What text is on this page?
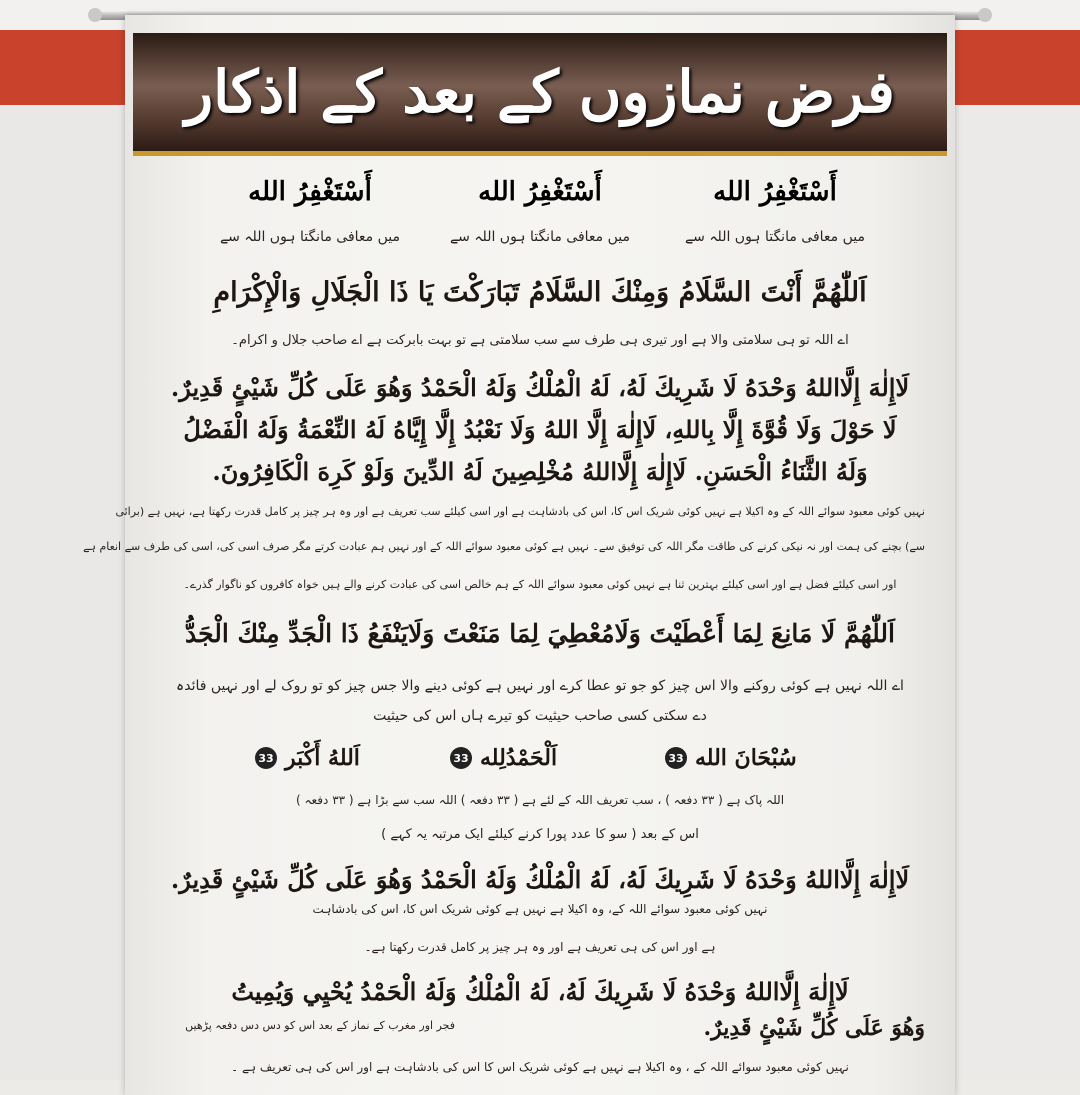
فرض نمازوں کے بعد کے اذکار
أَسْتَغْفِرُ الله
میں معافی مانگتا ہوں اللہ سے
أَسْتَغْفِرُ الله
میں معافی مانگتا ہوں اللہ سے
أَسْتَغْفِرُ الله
میں معافی مانگتا ہوں اللہ سے
اَللّٰهُمَّ أَنْتَ السَّلَامُ وَمِنْكَ السَّلَامُ تَبَارَكْتَ يَا ذَا الْجَلَالِ وَالْإِكْرَامِ
اے اللہ تو ہی سلامتی والا ہے اور تیری ہی طرف سے سب سلامتی ہے تو بہت بابرکت ہے اے صاحب جلال و اکرام۔
لَاإِلٰهَ إِلَّااللهُ وَحْدَهُ لَا شَرِيكَ لَهُ، لَهُ الْمُلْكُ وَلَهُ الْحَمْدُ وَهُوَ عَلَى كُلِّ شَيْئٍ قَدِيرٌ.
لَا حَوْلَ وَلَا قُوَّةَ إِلَّا بِاللهِ، لَاإِلٰهَ إِلَّا اللهُ وَلَا نَعْبُدُ إِلَّا إِيَّاهُ لَهُ النِّعْمَةُ وَلَهُ الْفَضْلُ
وَلَهُ الثَّنَاءُ الْحَسَنِ. لَاإِلٰهَ إِلَّااللهُ مُخْلِصِينَ لَهُ الدِّينَ وَلَوْ كَرِهَ الْكَافِرُونَ.
نہیں کوئی معبود سوائے اللہ کے وہ اکیلا ہے نہیں کوئی شریک اس کا، اس کی بادشاہت ہے اور اسی کیلئے سب تعریف ہے اور وہ ہر چیز پر کامل قدرت رکھتا ہے، نہیں ہے (برائی
سے) بچنے کی ہمت اور نہ نیکی کرنے کی طاقت مگر اللہ کی توفیق سے۔ نہیں ہے کوئی معبود سوائے اللہ کے اور نہیں ہم عبادت کرتے مگر صرف اسی کی، اسی کی طرف سے انعام ہے
اور اسی کیلئے فضل ہے اور اسی کیلئے بہترین ثنا ہے نہیں کوئی معبود سوائے اللہ کے ہم خالص اسی کی عبادت کرنے والے ہیں خواہ کافروں کو ناگوار گذرے۔
اَللّٰهُمَّ لَا مَانِعَ لِمَا أَعْطَيْتَ وَلَامُعْطِيَ لِمَا مَنَعْتَ وَلَايَنْفَعُ ذَا الْجَدِّ مِنْكَ الْجَدُّ
اے اللہ نہیں ہے کوئی روکنے والا اس چیز کو جو تو عطا کرے اور نہیں ہے کوئی دینے والا جس چیز کو تو روک لے اور نہیں فائدہ
دے سکتی کسی صاحب حیثیت کو تیرے ہاں اس کی حیثیت
سُبْحَانَ الله
33
اَلْحَمْدُلِله
33
اَللهُ أَكْبَر
33
اللہ پاک ہے ( ۳۳ دفعہ ) ، سب تعریف اللہ کے لئے ہے ( ۳۳ دفعہ ) اللہ سب سے بڑا ہے ( ۳۳ دفعہ )
اس کے بعد ( سو کا عدد پورا کرنے کیلئے ایک مرتبہ یہ کہے )
لَاإِلٰهَ إِلَّااللهُ وَحْدَهُ لَا شَرِيكَ لَهُ، لَهُ الْمُلْكُ وَلَهُ الْحَمْدُ وَهُوَ عَلَى كُلِّ شَيْئٍ قَدِيرٌ.
نہیں کوئی معبود سوائے اللہ کے، وہ اکیلا ہے نہیں ہے کوئی شریک اس کا، اس کی بادشاہت
ہے اور اس کی ہی تعریف ہے اور وہ ہر چیز پر کامل قدرت رکھتا ہے۔
لَاإِلٰهَ إِلَّااللهُ وَحْدَهُ لَا شَرِيكَ لَهُ، لَهُ الْمُلْكُ وَلَهُ الْحَمْدُ يُحْيِي وَيُمِيتُ
وَهُوَ عَلَى كُلِّ شَيْئٍ قَدِيرٌ.
فجر اور مغرب کے نماز کے بعد اس کو دس دس دفعہ پڑھیں
نہیں کوئی معبود سوائے اللہ کے ، وہ اکیلا ہے نہیں ہے کوئی شریک اس کا اس کی بادشاہت ہے اور اس کی ہی تعریف ہے ۔
